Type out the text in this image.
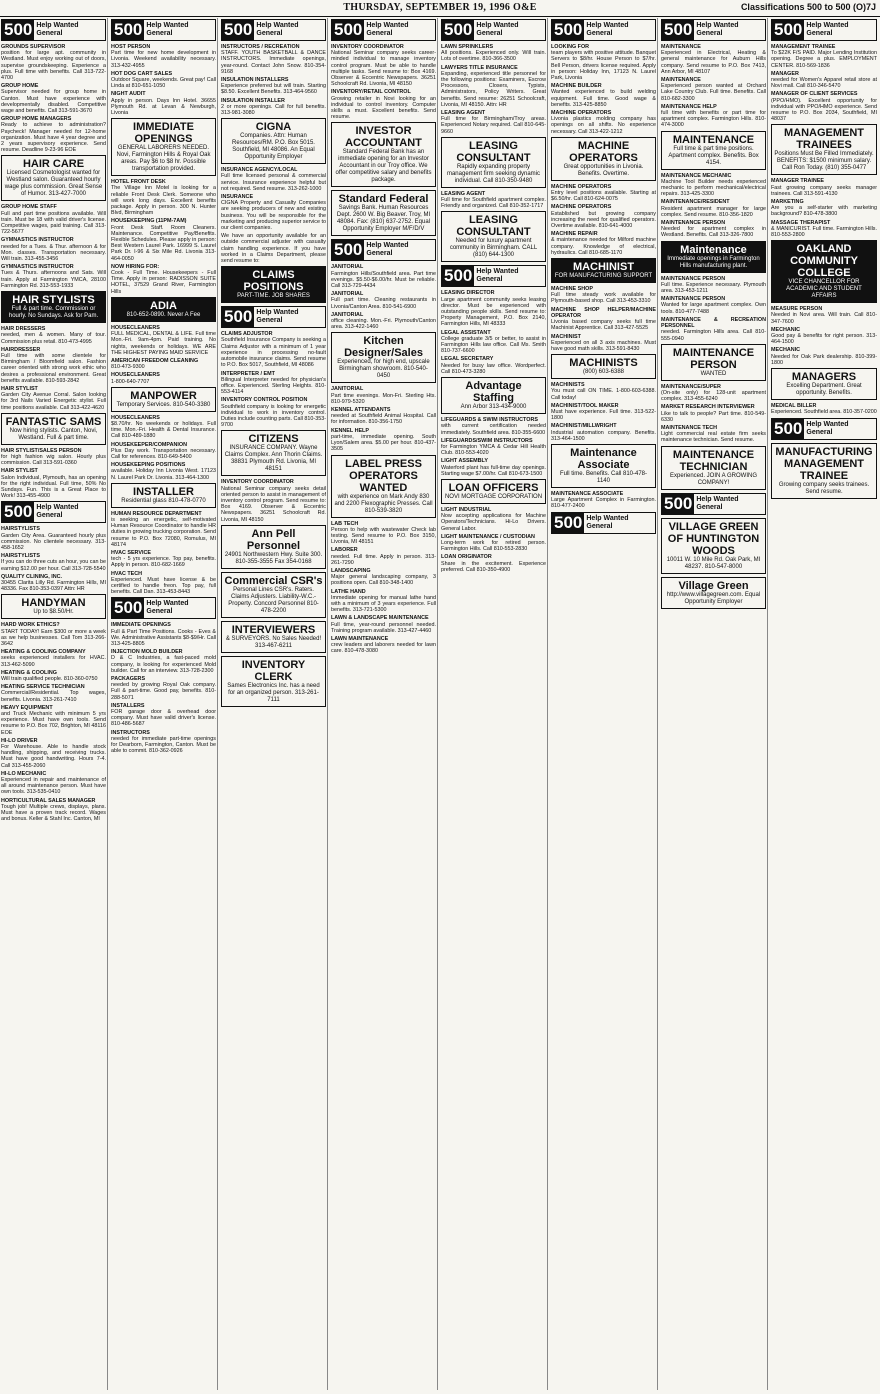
THURSDAY, SEPTEMBER 19, 1996 O&E	Classifications 500 to 500 (O)7J
500 Help Wanted General
GROUNDS SUPERVISOR
position for large apt. community in Westland. Must enjoy working out of doors, supervise groundskeeping. Experience a plus. Full time with benefits. Call 313-722-4700
GROUP HOME
Supervisor needed for group home in Canton. Must have experience with developmentally disabled. Competitive wage and benefits. Call 313-591-3670
GROUP HOME MANAGERS
Ready to achieve to administration? Paycheck! Manager needed for 12-home organization. Must have 4 year degree and 2 years supervisory experience. Send resume. Deadline 9-23-96 EOE
HAIR CARE
Licensed Cosmetologist wanted for Westland salon. Guaranteed hourly wage plus commission. Great Sense of Humor. 313-427-7000
GROUP HOME STAFF
Full and part time positions available. Will train. Must be 18 with valid driver's license. Competitive wages, paid training. Call 313-722-5677
GYMNASTICS INSTRUCTOR
needed for a Tues. & Thur. afternoon & for Mon. classes. Transportation necessary. Will train. 313-455-3456
GYMNASTICS INSTRUCTOR
Tues & Thurs. afternoons and Sats. Will train. Apply at Farmington YMCA, 28100 Farmington Rd. 313-553-1933
HAIR STYLISTS
Full & part time. Commission or hourly. No Sundays. Ask for Pam.
HAIR DRESSERS
needed, men & women. Many of tour. Commission plus retail. 810-473-4995
HAIRDRESSER
Full time with some clientele for Birmingham / Bloomfield salon. Fashion career oriented with strong work ethic who desires a professional environment. Great benefits available. 810-593-2842
HAIR STYLIST
Garden City Avenue Corral. Salon looking for 3rd Nails Varied Energetic stylist. Full time positions available. Call 313-422-4620
FANTASTIC SAMS
Now hiring stylists. Canton, Novi, Westland. Full & part time.
HAIR STYLIST/SALES PERSON
for high fashion wig salon. Hourly plus commission. Call 313-591-0360
HAIR STYLIST
Salon Individual, Plymouth, has an opening for the right individual. Full time, 50% No Sundays. Fun. This is a Great Place to Work! 313-455-4900
500 Help Wanted General
HAIRSTYLISTS
Garden City Area. Guaranteed hourly plus commission. No clientele necessary. 313-458-1652
HAIRSTYLISTS
If you can do three cuts an hour, you can be earning $12.00 per hour. Call 313-728-5540
QUALITY CLINING, INC.
30455 Clarita Lilly Rd. Farmington Hills, MI 48336. Fax 810-353-0397 Attn: HR
HANDYMAN
Up to $8.50/Hr.
HARD WORK ETHICS?
START TODAY! Earn $300 or more a week as we help businesses. Call Tom 313-266-3642
HEATING & COOLING COMPANY
seeks experienced installers for HVAC. 313-462-5090
HEATING & COOLING
Will train qualified people. 810-360-0750
HEATING SERVICE TECHNICIAN
Commercial/Residential. Top wages, benefits. Livonia. 313-261-7410
HEAVY EQUIPMENT
and Truck Mechanic with minimum 5 yrs experience. Must have own tools. Send resume to P.O. Box 702, Brighton, MI 48116 EOE
HI-LO DRIVER
For Warehouse. Able to handle stock handling, shipping, and receiving trucks. Must have good handwriting. Hours 7-4. Call 313-455-2060
HI-LO MECHANIC
Experienced in repair and maintenance of all around maintenance person. Must have own tools. 313-535-0410
HORTICULTURAL SALES MANAGER
Tough job! Multiple crews, displays, plans. Must have a proven track record. Wages and bonus. Keller & Stahl Inc. Canton, MI
500 Help Wanted General
HOST PERSON
Part time for new home development in Livonia. Weekend availability necessary. 313-432-4955
HOT DOG CART SALES
Outdoor Square, weekends. Great pay! Call Linda at 810-651-1050
NIGHT AUDIT
Apply in person. Days Inn Hotel. 36655 Plymouth Rd. at Levan & Newburgh, Livonia
IMMEDIATE OPENINGS
GENERAL LABORERS NEEDED. Novi, Farmington Hills & Royal Oak areas. Pay $6 to $8 hr. Possible transportation provided.
HOTEL FRONT DESK
The Village Inn Motel is looking for a reliable Front Desk Clerk. Someone who will work long days. Excellent benefits package. Apply in person. 300 N. Hunter Blvd, Birmingham
HOUSEKEEPING (11PM-7AM)
Front Desk Staff. Room Cleaners. Maintenance. Competitive Pay/Benefits. Flexible Schedules. Please apply in person: Best Western Laurel Park. 16999 S. Laurel Park Dr. I-96 & Six Mile Rd. Livonia 313-464-0050
NOW HIRING FOR:
Cook - Full Time. Housekeepers - Full Time. Apply in person: RADISSON SUITE HOTEL, 37529 Grand River, Farmington Hills
ADIA
810-652-0890. Never A Fee
HOUSECLEANERS
FULL MEDICAL, DENTAL & LIFE. Full time Mon.-Fri. 9am-4pm. Paid training. No nights, weekends or holidays. WE ARE THE HIGHEST PAYING MAID SERVICE
AMERICAN FREEDOM CLEANING
810-473-9300
HOUSECLEANERS
1-800-640-7707
MANPOWER
Temporary Services. 810-540-3380
HOUSECLEANERS
$8.70/hr. No weekends or holidays. Full time. Mon.-Fri. Health & Dental Insurance. Call 810-489-1880
HOUSEKEEPER/COMPANION
Plus Day work. Transportation necessary. Call for references. 810-649-5400
HOUSEKEEPING POSITIONS
available. Holiday Inn Livonia West. 17123 N. Laurel Park Dr. Livonia. 313-464-1300
INSTALLER
Residential glass 810-478-0770
HUMAN RESOURCE DEPARTMENT
is seeking an energetic, self-motivated Human Resource Coordinator to handle HR duties in growing trucking corporation. Send resume to P.O. Box 72080, Romulus, MI 48174
HVAC SERVICE
tech - 5 yrs experience. Top pay, benefits. Apply in person. 810-682-1669
HVAC TECH
Experienced. Must have license & be certified to handle freon. Top pay, full benefits. Call Dan. 313-453-8443
500 Help Wanted General
IMMEDIATE OPENINGS
Full & Part Time Positions. Cooks - Eves & We. Administrative Assistants $8-$9/Hr. Call 313-425-8805
INJECTION MOLD BUILDER
D & C Industries, a fast-paced mold company, is looking for experienced Mold builder. Call for an interview. 313-728-2300
PACKAGERS
needed by growing Royal Oak company. Full & part-time. Good pay, benefits. 810-288-5071
INSTALLERS
FOR garage door & overhead door company. Must have valid driver's license. 810-486-5687
INSTRUCTORS
needed for immediate part-time openings for Dearborn, Farmington, Canton. Must be able to commit. 810-362-0926
500 Help Wanted General
INSTRUCTORS / RECREATION
STAFF. YOUTH BASKETBALL & DANCE INSTRUCTORS. Immediate openings, year-round. Contact John Snow. 810-354-9168
INSULATION INSTALLERS
Experience preferred but will train. Starting $8.50. Excellent Benefits. 313-464-9560
INSULATION INSTALLER
2 or more openings. Call for full benefits. 313-981-3080
CIGNA
Companies. Attn: Human Resources/RM. P.O. Box 5015. Southfield, MI 48086. An Equal Opportunity Employer
INSURANCE AGENCY/LOCAL
Full time licensed personal & commercial service. Insurance experience helpful but not required. Send resume. 313-262-1000
INSURANCE
CIGNA Property and Casualty Companies are seeking producers of new and existing business. You will be responsible for the marketing and producing superior service to our client companies.
We have an opportunity available for an outside commercial adjuster with casualty claim handling experience. If you have worked in a Claims Department, please send resume to:
CLAIMS POSITIONS
PART-TIME. JOB SHARES
500 Help Wanted General
CLAIMS ADJUSTOR
Southfield Insurance Company is seeking a Claims Adjustor with a minimum of 1 year experience in processing no-fault automobile insurance claims. Send resume to P.O. Box 5017, Southfield, MI 48086
INTERPRETER / EMT
Bilingual Interpreter needed for physician's office. Experienced. Sterling Heights. 810-553-4114
INVENTORY CONTROL POSITION
Southfield company is looking for energetic individual to work in inventory control. Duties include counting parts. Call 810-353-9700
CITIZENS
INSURANCE COMPANY. Wayne Claims Complex. Ann Thorin Claims. 38831 Plymouth Rd. Livonia, MI 48151
INVENTORY COORDINATOR
National Seminar company seeks detail oriented person to assist in management of inventory control program. Send resume to: Box 4169. Observer & Eccentric Newspapers. 36251 Schoolcraft Rd. Livonia, MI 48150
Ann Pell Personnel
24901 Northwestern Hwy. Suite 300. 810-355-3555 Fax 354-0168
Commercial CSR's
Personal Lines CSR's. Raters. Claims Adjusters. Liability-W.C.-Property. Concord Personnel 810-478-2200
INTERVIEWERS
& SURVEYORS. No Sales Needed! 313-467-6211
INVENTORY CLERK
Sames Electronics Inc. has a need for an organized person. 313-261-7111
500 Help Wanted General
INVENTORY COORDINATOR
National Seminar company seeks career-minded individual to manage inventory control program. Must be able to handle multiple tasks. Send resume to: Box 4169. Observer & Eccentric Newspapers. 36251 Schoolcraft Rd. Livonia, MI 48150
INVENTORY/RETAIL CONTROL
Growing retailer in Novi looking for an individual to control inventory. Computer skills a must. Excellent benefits. Send resume.
INVESTOR ACCOUNTANT
Standard Federal Bank has an immediate opening for an Investor Accountant in our Troy office. We offer competitive salary and benefits package.
Standard Federal
Savings Bank. Human Resources Dept. 2600 W. Big Beaver. Troy, MI 48084. Fax: (810) 637-2752. Equal Opportunity Employer M/F/D/V
500 Help Wanted General
JANITORIAL
Farmington Hills/Southfield area. Part time evenings. $5.50-$6.00/hr. Must be reliable. Call 313-729-4434
JANITORIAL
Full part time. Cleaning restaurants in Livonia/Canton Area. 810-541-6900
JANITORIAL
office cleaning. Mon.-Fri. Plymouth/Canton area. 313-422-1460
Kitchen Designer/Sales
Experienced, for high end, upscale Birmingham showroom. 810-540-0450
JANITORIAL
Part time evenings. Mon-Fri. Sterling Hts. 810-979-5320
KENNEL ATTENDANTS
needed at Southfield Animal Hospital. Call for information. 810-356-1750
KENNEL HELP
part-time, immediate opening. South Lyon/Salem area. $5.00 per hour. 810-437-3505
LABEL PRESS OPERATORS WANTED
with experience on Mark Andy 830 and 2200 Flexographic Presses. Call 810-539-3820
LAB TECH
Person to help with wastewater Check lab testing. Send resume to P.O. Box 3150, Livonia, MI 48151
LABORER
needed. Full time. Apply in person. 313-261-7290
LANDSCAPING
Major general landscaping company, 3 positions open. Call 810-348-1400
LATHE HAND
Immediate opening for manual lathe hand with a minimum of 3 years experience. Full benefits. 313-721-5300
LAWN & LANDSCAPE MAINTENANCE
Full time, year-round personnel needed. Training program available. 313-427-4460
LAWN MAINTENANCE
crew leaders and laborers needed for lawn care. 810-478-3080
500 Help Wanted General
LAWN SPRINKLERS
All positions. Experienced only. Will train. Lots of overtime. 810-366-3500
LAWYERS TITLE INSURANCE
Expanding, experienced title personnel for the following positions: Examiners, Escrow Processors, Closers, Typists, Administrators, Policy Writers. Great benefits. Send resume: 26251 Schoolcraft, Livonia, MI 48150. Attn: HR
LEASING AGENT
Full time for Birmingham/Troy areas. Experienced Notary required. Call 810-645-9660
LEASING CONSULTANT
Rapidly expanding property management firm seeking dynamic individual. Call 810-350-9480
LEASING AGENT
Full time for Southfield apartment complex. Friendly and organized. Call 810-352-1717
LEASING CONSULTANT
Needed for luxury apartment community in Birmingham. CALL (810) 644-1300
500 Help Wanted General
LEASING DIRECTOR
Large apartment community seeks leasing director. Must be experienced with outstanding people skills. Send resume to: Property Management, P.O. Box 2140, Farmington Hills, MI 48333
LEGAL ASSISTANT
College graduate 3/5 or better, to assist in Farmington Hills law office. Call Ms. Smith 810-737-6600
LEGAL SECRETARY
Needed for busy law office. Wordperfect. Call 810-473-3280
Advantage Staffing
Ann Arbor 313-434-9000
LIFEGUARDS & SWIM INSTRUCTORS
with current certification needed immediately. Southfield area. 810-355-6600
LIFEGUARDS/SWIM INSTRUCTORS
for Farmington YMCA & Cedar Hill Health Club. 810-553-4020
LIGHT ASSEMBLY
Waterford plant has full-time day openings. Starting wage $7.00/hr. Call 810-673-1500
LOAN OFFICERS
NOVI MORTGAGE CORPORATION
LIGHT INDUSTRIAL
Now accepting applications for Machine Operators/Technicians. Hi-Lo Drivers. General Labor.
LIGHT MAINTENANCE / CUSTODIAN
Long-term work for retired person. Farmington Hills. Call 810-553-2830
LOAN ORIGINATOR
Share in the excitement. Experience preferred. Call 810-350-4900
500 Help Wanted General
LOOKING FOR
team players with positive attitude. Banquet Servers to $8/hr. House Person to $7/hr. Bell Person, drivers license required. Apply in person: Holiday Inn, 17123 N. Laurel Park, Livonia
MACHINE BUILDER
Wanted experienced to build welding equipment. Full time. Good wage & benefits. 313-425-8850
MACHINE OPERATORS
Livonia plastics molding company has openings on all shifts. No experience necessary. Call 313-422-1212
MACHINE OPERATORS
Great opportunities in Livonia. Benefits. Overtime.
MACHINE OPERATORS
Entry level positions available. Starting at $6.50/hr. Call 810-624-0075
MACHINE OPERATORS
Established but growing company increasing the need for qualified operators. Overtime available. 810-641-4000
MACHINE REPAIR
& maintenance needed for Milford machine company. Knowledge of electrical, hydraulics. Call 810-685-1170
MACHINIST
FOR MANUFACTURING SUPPORT
MACHINE SHOP
Full time steady work available for Plymouth-based shop. Call 313-453-3310
MACHINE SHOP HELPER/MACHINE OPERATOR
Livonia based company seeks full time Machinist Apprentice. Call 313-427-5525
MACHINIST
Experienced on all 3 axis machines. Must have good math skills. 313-591-8430
MACHINISTS
(800) 603-6388
MACHINISTS
You must call ON TIME. 1-800-603-6388. Call today!
MACHINIST/TOOL MAKER
Must have experience. Full time. 313-522-1800
MACHINIST/MILLWRIGHT
Industrial automation company. Benefits. 313-464-1500
Maintenance Associate
Full time. Benefits. Call 810-478-1140
MAINTENANCE ASSOCIATE
Large Apartment Complex in Farmington. 810-477-2400
500 Help Wanted General
500 Help Wanted General
MAINTENANCE
Experienced in Electrical, Heating & general maintenance for Auburn Hills company. Send resume to P.O. Box 7413, Ann Arbor, MI 48107
MAINTENANCE
Experienced person wanted at Orchard Lake Country Club. Full time. Benefits. Call 810-682-3300
MAINTENANCE HELP
full time with benefits or part time for apartment complex. Farmington Hills. 810-474-3000
MAINTENANCE
Full time & part time positions. Apartment complex. Benefits. Box 4154.
MAINTENANCE MECHANIC
Machine Tool Builder needs experienced mechanic to perform mechanical/electrical repairs. 313-425-3300
MAINTENANCE/RESIDENT
Resident apartment manager for large complex. Send resume. 810-356-1820
MAINTENANCE PERSON
Needed for apartment complex in Westland. Benefits. Call 313-326-7800
Maintenance
Immediate openings in Farmington Hills manufacturing plant.
MAINTENANCE PERSON
Full time. Experience necessary. Plymouth area. 313-453-1211
MAINTENANCE PERSON
Wanted for large apartment complex. Own tools. 810-477-7488
MAINTENANCE & RECREATION PERSONNEL
needed. Farmington Hills area. Call 810-555-0940
MAINTENANCE PERSON
WANTED
MAINTENANCE/SUPER
(On-site only) for 128-unit apartment complex. 313-455-6240
MARKET RESEARCH INTERVIEWER
Like to talk to people? Part time. 810-549-6330
MAINTENANCE TECH
Light commercial real estate firm seeks maintenance technician. Send resume.
MAINTENANCE TECHNICIAN
Experienced. JOIN A GROWING COMPANY!
500 Help Wanted General
VILLAGE GREEN OF HUNTINGTON WOODS
10011 W. 10 Mile Rd. Oak Park, MI 48237. 810-547-8000
Village Green
http://www.villagegreen.com. Equal Opportunity Employer
500 Help Wanted General
MANAGEMENT TRAINEE
To $22K F/S PAID. Major Lending Institution opening. Degree a plus. EMPLOYMENT CENTER. 810-569-1836
MANAGER
needed for Women's Apparel retail store at Novi mall. Call 810-346-5470
MANAGER OF CLIENT SERVICES
(PPO/HMO). Excellent opportunity for individual with PPO/HMO experience. Send resume to P.O. Box 2034, Southfield, MI 48037
MANAGEMENT TRAINEES
Positions Must Be Filled Immediately. BENEFITS: $1500 minimum salary. Call Ron Today. (810) 355-0477
MANAGER TRAINEE
Fast growing company seeks manager trainees. Call 313-591-4130
MARKETING
Are you a self-starter with marketing background? 810-478-3800
MASSAGE THERAPIST
& MANICURIST. Full time. Farmington Hills. 810-553-2800
OAKLAND COMMUNITY COLLEGE
VICE CHANCELLOR FOR ACADEMIC AND STUDENT AFFAIRS
MEASURE PERSON
Needed in Novi area. Will train. Call 810-347-7600
MECHANIC
Good pay & benefits for right person. 313-464-1500
MECHANIC
Needed for Oak Park dealership. 810-399-1800
MANAGERS
Excelling Department. Great opportunity. Benefits.
MEDICAL BILLER
Experienced. Southfield area. 810-357-0200
500 Help Wanted General
MANUFACTURING MANAGEMENT TRAINEE
Growing company seeks trainees. Send resume.
